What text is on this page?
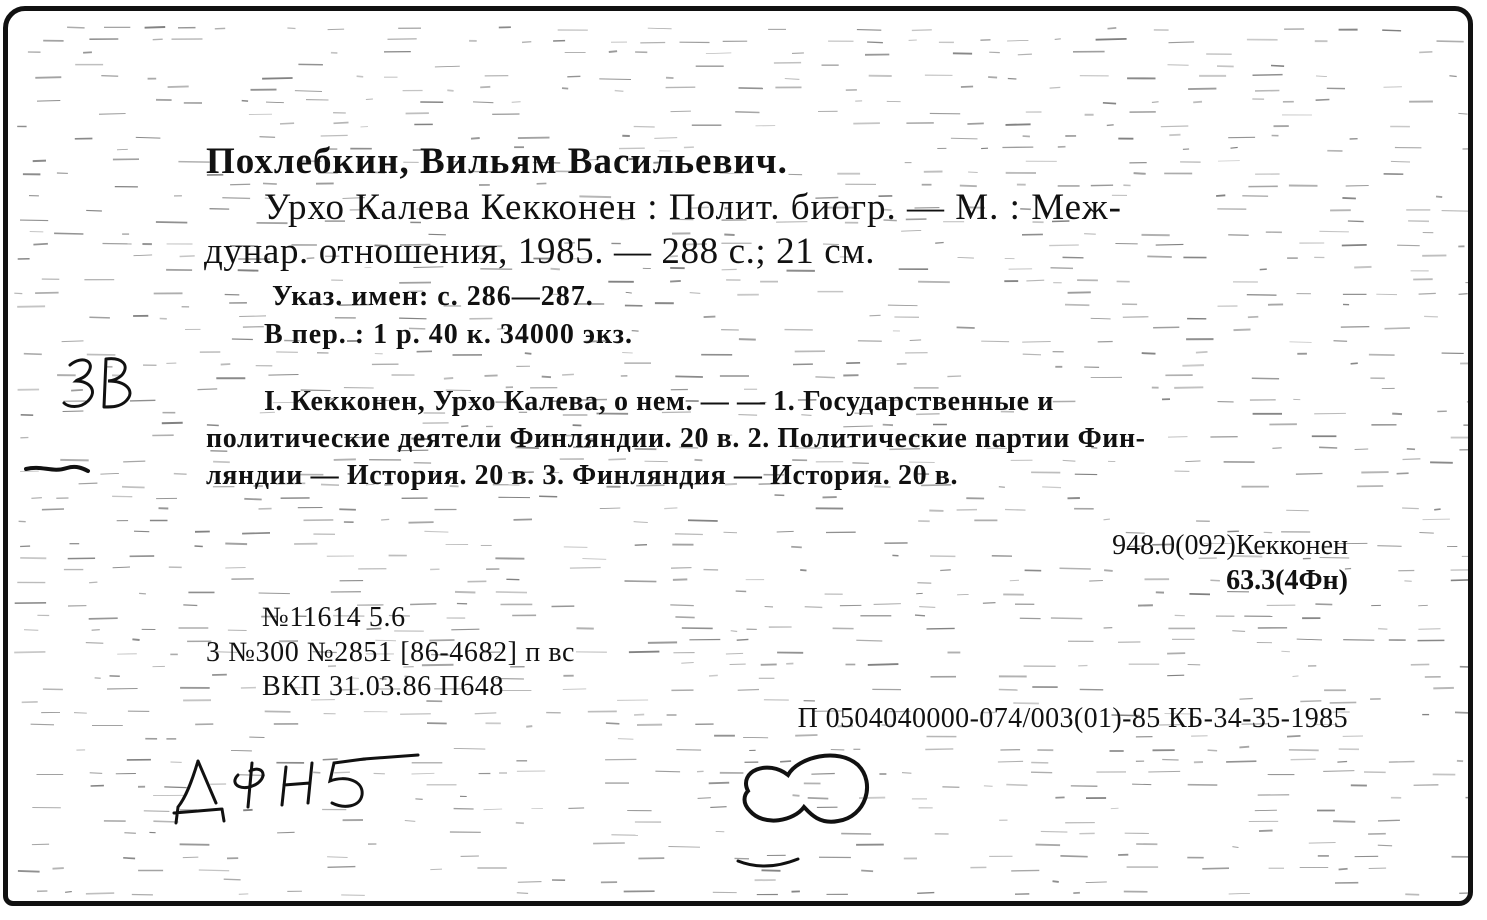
Похлебкин, Вильям Васильевич.
Урхо Калева Кекконен : Полит. биогр. — М. : Меж-
дунар. отношения, 1985. — 288 с.; 21 см.
Указ. имен: с. 286—287.
В пер. : 1 р. 40 к. 34000 экз.
I. Кекконен, Урхо Калева, о нем. — — 1. Государственные и
политические деятели Финляндии. 20 в. 2. Политические партии Фин-
ляндии — История. 20 в. 3. Финляндия — История. 20 в.
948.0(092)Кекконен
63.3(4Фн)
№11614 5.6
3 №300 №2851 [86-4682] п вс
ВКП 31.03.86 П648
П 0504040000-074/003(01)-85 КБ-34-35-1985
